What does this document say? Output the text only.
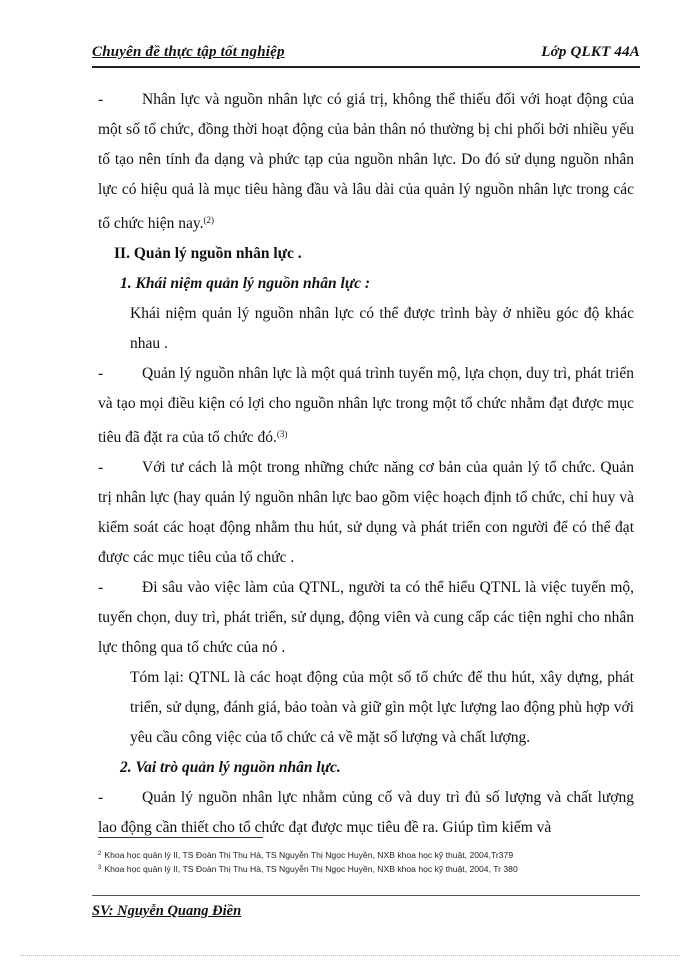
Chuyên đề thực tập tốt nghiệp	Lớp QLKT 44A

-	Nhân lực và nguồn nhân lực có giá trị, không thể thiếu đối với hoạt động của một số tổ chức, đồng thời hoạt động của bản thân nó thường bị chi phối bởi nhiều yếu tố tạo nên tính đa dạng và phức tạp của nguồn nhân lực. Do đó sử dụng nguồn nhân lực có hiệu quả là mục tiêu hàng đầu và lâu dài của quản lý nguồn nhân lực trong các tổ chức hiện nay.$^{(2)}$

II. Quản lý nguồn nhân lực .

1. Khái niệm quản lý nguồn nhân lực :

Khái niệm quản lý nguồn nhân lực có thể được trình bày ở nhiều góc độ khác nhau .

-	Quản lý nguồn nhân lực là một quá trình tuyển mộ, lựa chọn, duy trì, phát triển và tạo mọi điều kiện có lợi cho nguồn nhân lực trong một tổ chức nhằm đạt được mục tiêu đã đặt ra của tổ chức đó.$^{(3)}$

-	Với tư cách là một trong những chức năng cơ bản của quản lý tổ chức. Quản trị nhân lực (hay quản lý nguồn nhân lực bao gồm việc hoạch định tổ chức, chỉ huy và kiểm soát các hoạt động nhằm thu hút, sử dụng và phát triển con người để có thể đạt được các mục tiêu của tổ chức .

-	Đi sâu vào việc làm của QTNL, người ta có thể hiểu QTNL là việc tuyển mộ, tuyển chọn, duy trì, phát triển, sử dụng, động viên và cung cấp các tiện nghi cho nhân lực thông qua tổ chức của nó .

Tóm lại: QTNL là các hoạt động của một số tổ chức để thu hút, xây dựng, phát triển, sử dụng, đánh giá, bảo toàn và giữ gìn một lực lượng lao động phù hợp với yêu cầu công việc của tổ chức cả về mặt số lượng và chất lượng.

2. Vai trò quản lý nguồn nhân lực.

-	Quản lý nguồn nhân lực nhằm củng cố và duy trì đủ số lượng và chất lượng lao động cần thiết cho tổ chức đạt được mục tiêu đề ra. Giúp tìm kiếm và

$^2$ Khoa học quản lý II, TS Đoàn Thị Thu Hà, TS Nguyễn Thị Ngọc Huyền, NXB khoa học kỹ thuật, 2004,Tr379
$^3$ Khoa học quản lý II, TS Đoàn Thị Thu Hà, TS Nguyễn Thị Ngọc Huyền, NXB khoa học kỹ thuật, 2004, Tr 380
SV: Nguyễn Quang Điền
